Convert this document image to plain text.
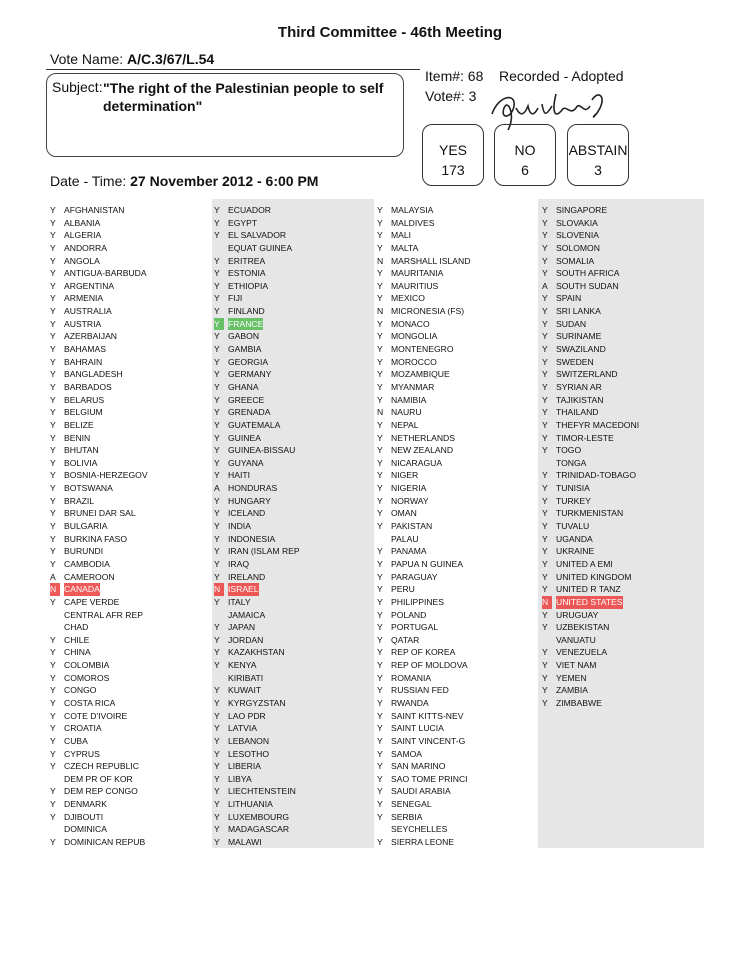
Third Committee - 46th Meeting
Vote Name: A/C.3/67/L.54
Subject: "The right of the Palestinian people to self determination"
Item#: 68 Recorded - Adopted
Vote#: 3
YES
173
NO
6
ABSTAIN
3
Date - Time: 27 November 2012 - 6:00 PM
Y AFGHANISTAN
Y ALBANIA
Y ALGERIA
Y ANDORRA
Y ANGOLA
Y ANTIGUA-BARBUDA
Y ARGENTINA
Y ARMENIA
Y AUSTRALIA
Y AUSTRIA
Y AZERBAIJAN
Y BAHAMAS
Y BAHRAIN
Y BANGLADESH
Y BARBADOS
Y BELARUS
Y BELGIUM
Y BELIZE
Y BENIN
Y BHUTAN
Y BOLIVIA
Y BOSNIA-HERZEGOV
Y BOTSWANA
Y BRAZIL
Y BRUNEI DAR SAL
Y BULGARIA
Y BURKINA FASO
Y BURUNDI
Y CAMBODIA
A CAMEROON
N CANADA
Y CAPE VERDE
CENTRAL AFR REP
CHAD
Y CHILE
Y CHINA
Y COLOMBIA
Y COMOROS
Y CONGO
Y COSTA RICA
Y COTE D'IVOIRE
Y CROATIA
Y CUBA
Y CYPRUS
Y CZECH REPUBLIC
DEM PR OF KOR
Y DEM REP CONGO
Y DENMARK
Y DJIBOUTI
DOMINICA
Y DOMINICAN REPUB
Y ECUADOR
Y EGYPT
Y EL SALVADOR
EQUAT GUINEA
Y ERITREA
Y ESTONIA
Y ETHIOPIA
Y FIJI
Y FINLAND
Y FRANCE
Y GABON
Y GAMBIA
Y GEORGIA
Y GERMANY
Y GHANA
Y GREECE
Y GRENADA
Y GUATEMALA
Y GUINEA
Y GUINEA-BISSAU
Y GUYANA
Y HAITI
A HONDURAS
Y HUNGARY
Y ICELAND
Y INDIA
Y INDONESIA
Y IRAN (ISLAM REP
Y IRAQ
Y IRELAND
N ISRAEL
Y ITALY
JAMAICA
Y JAPAN
Y JORDAN
Y KAZAKHSTAN
Y KENYA
KIRIBATI
Y KUWAIT
Y KYRGYZSTAN
Y LAO PDR
Y LATVIA
Y LEBANON
Y LESOTHO
Y LIBERIA
Y LIBYA
Y LIECHTENSTEIN
Y LITHUANIA
Y LUXEMBOURG
Y MADAGASCAR
Y MALAWI
Y MALAYSIA
Y MALDIVES
Y MALI
Y MALTA
N MARSHALL ISLAND
Y MAURITANIA
Y MAURITIUS
Y MEXICO
N MICRONESIA (FS)
Y MONACO
Y MONGOLIA
Y MONTENEGRO
Y MOROCCO
Y MOZAMBIQUE
Y MYANMAR
Y NAMIBIA
N NAURU
Y NEPAL
Y NETHERLANDS
Y NEW ZEALAND
Y NICARAGUA
Y NIGER
Y NIGERIA
Y NORWAY
Y OMAN
Y PAKISTAN
PALAU
Y PANAMA
Y PAPUA N GUINEA
Y PARAGUAY
Y PERU
Y PHILIPPINES
Y POLAND
Y PORTUGAL
Y QATAR
Y REP OF KOREA
Y REP OF MOLDOVA
Y ROMANIA
Y RUSSIAN FED
Y RWANDA
Y SAINT KITTS-NEV
Y SAINT LUCIA
Y SAINT VINCENT-G
Y SAMOA
Y SAN MARINO
Y SAO TOME PRINCI
Y SAUDI ARABIA
Y SENEGAL
Y SERBIA
SEYCHELLES
Y SIERRA LEONE
Y SINGAPORE
Y SLOVAKIA
Y SLOVENIA
Y SOLOMON
Y SOMALIA
Y SOUTH AFRICA
A SOUTH SUDAN
Y SPAIN
Y SRI LANKA
Y SUDAN
Y SURINAME
Y SWAZILAND
Y SWEDEN
Y SWITZERLAND
Y SYRIAN AR
Y TAJIKISTAN
Y THAILAND
Y THEFYR MACEDONI
Y TIMOR-LESTE
Y TOGO
TONGA
Y TRINIDAD-TOBAGO
Y TUNISIA
Y TURKEY
Y TURKMENISTAN
Y TUVALU
Y UGANDA
Y UKRAINE
Y UNITED A EMI
Y UNITED KINGDOM
Y UNITED R TANZ
N UNITED STATES
Y URUGUAY
Y UZBEKISTAN
VANUATU
Y VENEZUELA
Y VIET NAM
Y YEMEN
Y ZAMBIA
Y ZIMBABWE
